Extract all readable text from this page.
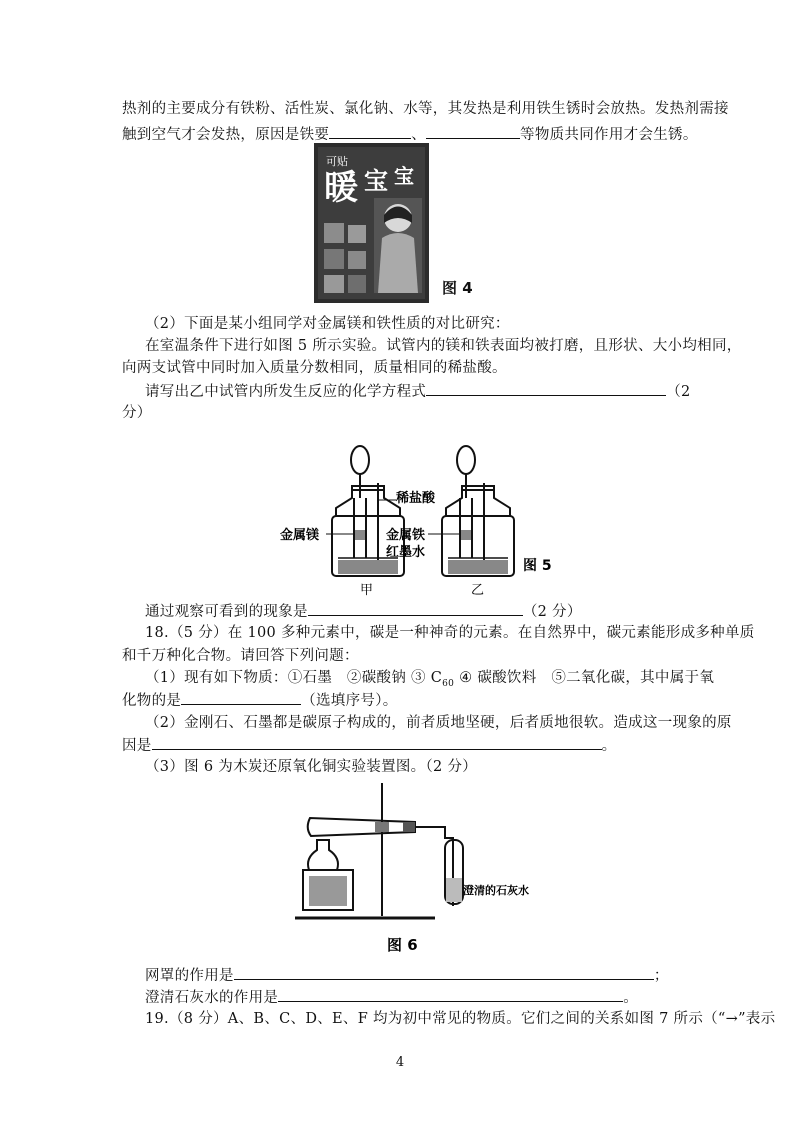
热剂的主要成分有铁粉、活性炭、氯化钠、水等，其发热是利用铁生锈时会放热。发热剂需接
触到空气才会发热，原因是铁要	、	等物质共同作用才会生锈。
可贴
暖 宝 宝
图 4
（2）下面是某小组同学对金属镁和铁性质的对比研究：
在室温条件下进行如图 5 所示实验。试管内的镁和铁表面均被打磨，且形状、大小均相同，
向两支试管中同时加入质量分数相同，质量相同的稀盐酸。
请写出乙中试管内所发生反应的化学方程式	（2
分）
稀盐酸
金属镁	金属铁
红墨水
甲	乙
图 5
通过观察可看到的现象是	（2 分）
18.（5 分）在 100 多种元素中，碳是一种神奇的元素。在自然界中，碳元素能形成多种单质
和千万种化合物。请回答下列问题：
（1）现有如下物质：①石墨　②碳酸钠 ③ $C_{60}$ ④ 碳酸饮料　⑤二氧化碳，其中属于氧
化物的是	（选填序号）。
（2）金刚石、石墨都是碳原子构成的，前者质地坚硬，后者质地很软。造成这一现象的原
因是	。
（3）图 6 为木炭还原氧化铜实验装置图。（2 分）
澄清的石灰水
图 6
网罩的作用是	；
澄清石灰水的作用是	。
19.（8 分）A、B、C、D、E、F 均为初中常见的物质。它们之间的关系如图 7 所示（“→”表示
4
